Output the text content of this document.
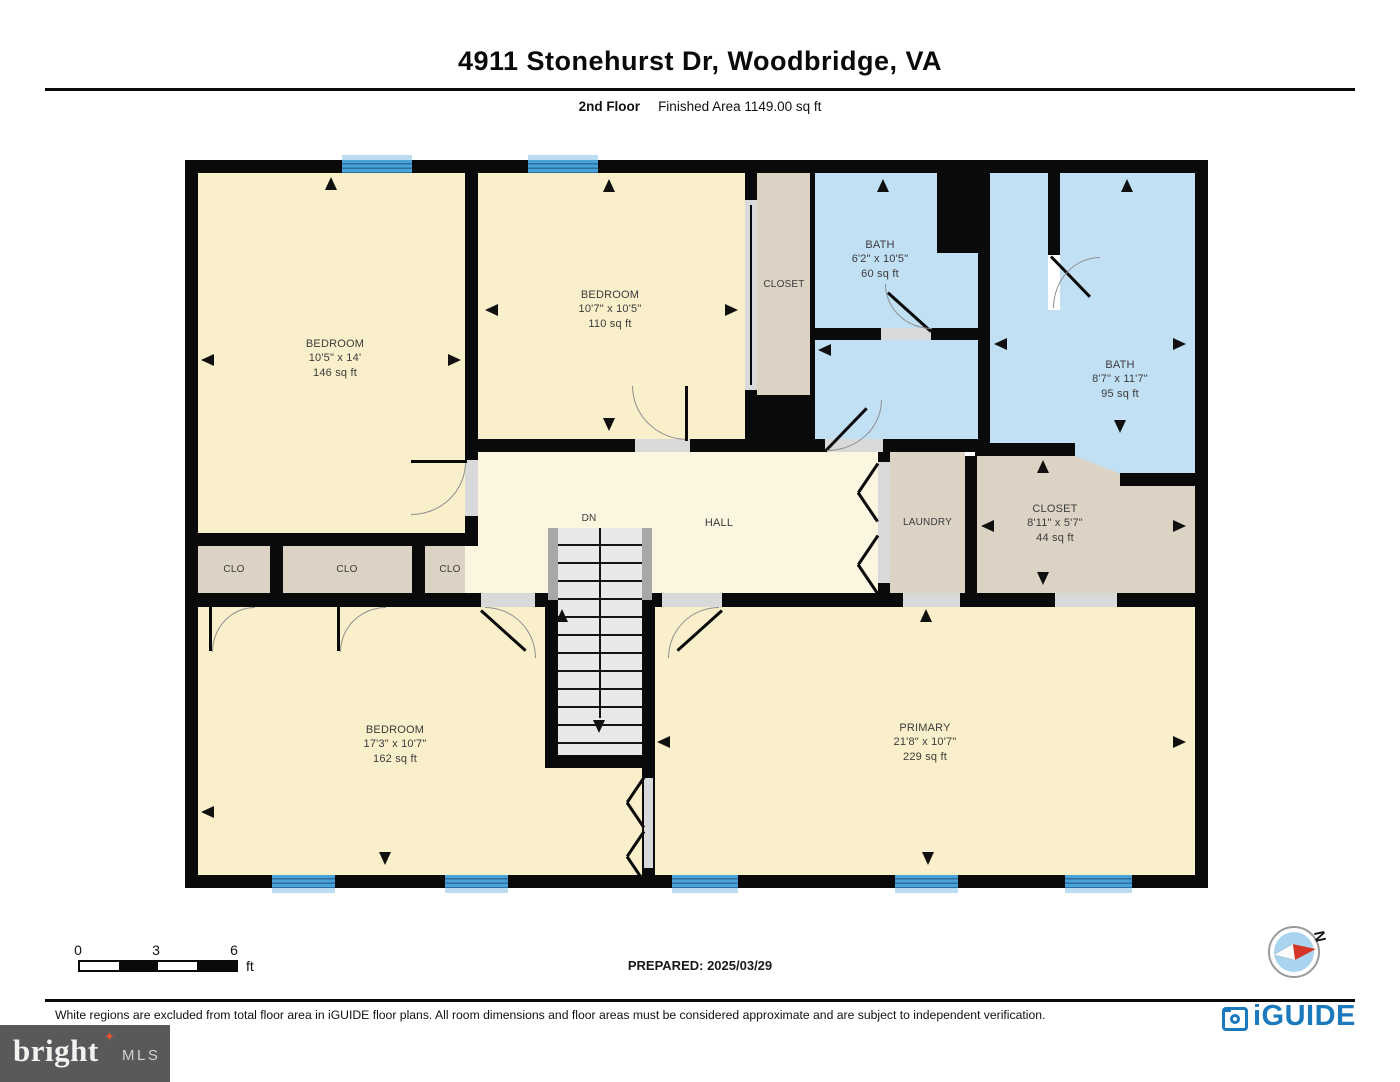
4911 Stonehurst Dr, Woodbridge, VA
2nd Floor Finished Area 1149.00 sq ft
BEDROOM
10'5" x 14'
146 sq ft
BEDROOM
10'7" x 10'5"
110 sq ft
CLOSET
BATH
6'2" x 10'5"
60 sq ft
BATH
8'7" x 11'7"
95 sq ft
HALL
DN	LAUNDRY
CLOSET
8'11" x 5'7"
44 sq ft
CLO	CLO	CLO
BEDROOM
17'3" x 10'7"
162 sq ft
PRIMARY
21'8" x 10'7"
229 sq ft
0	3	6
ft	PREPARED: 2025/03/29
N
White regions are excluded from total floor area in iGUIDE floor plans. All room dimensions and floor areas must be considered approximate and are subject to independent verification.	iGUIDE
bright ✦
MLS
